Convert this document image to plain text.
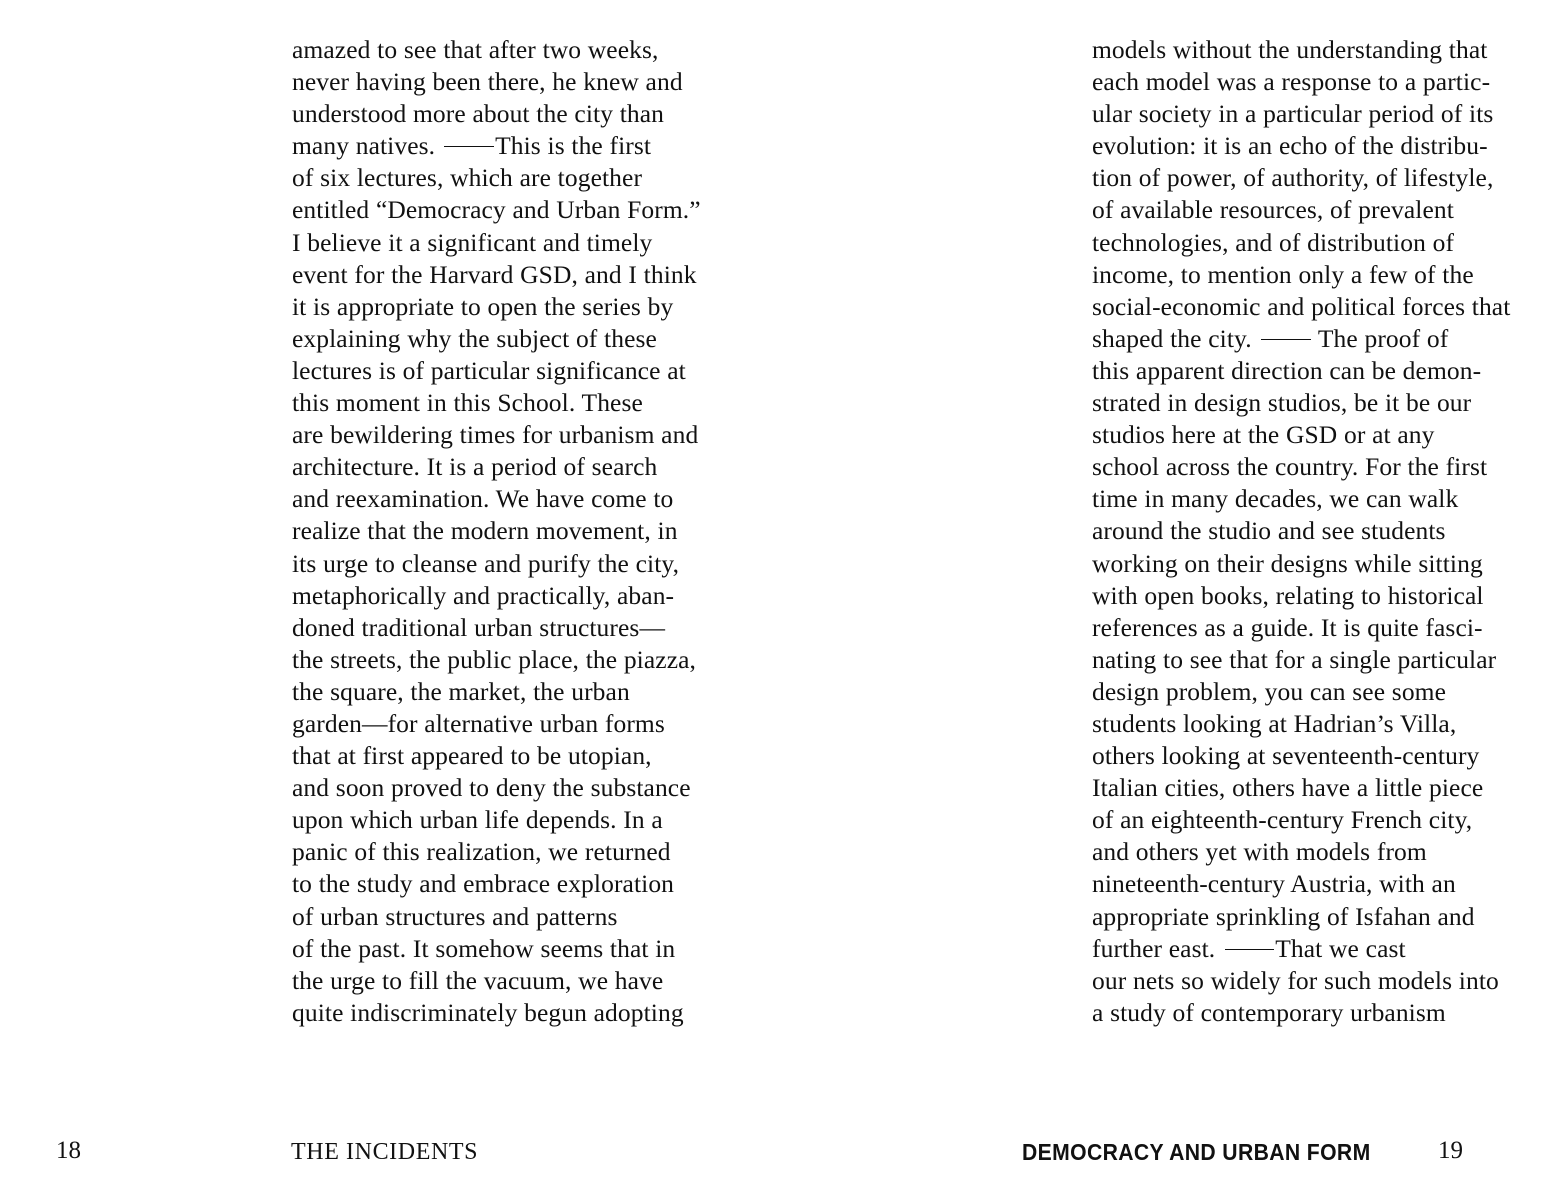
amazed to see that after two weeks,
never having been there, he knew and
understood more about the city than
many natives. This is the first
of six lectures, which are together
entitled “Democracy and Urban Form.”
I believe it a significant and timely
event for the Harvard GSD, and I think
it is appropriate to open the series by
explaining why the subject of these
lectures is of particular significance at
this moment in this School. These
are bewildering times for urbanism and
architecture. It is a period of search
and reexamination. We have come to
realize that the modern movement, in
its urge to cleanse and purify the city,
metaphorically and practically, aban-
doned traditional urban structures—
the streets, the public place, the piazza,
the square, the market, the urban
garden—for alternative urban forms
that at first appeared to be utopian,
and soon proved to deny the substance
upon which urban life depends. In a
panic of this realization, we returned
to the study and embrace exploration
of urban structures and patterns
of the past. It somehow seems that in
the urge to fill the vacuum, we have
quite indiscriminately begun adopting

models without the understanding that
each model was a response to a partic-
ular society in a particular period of its
evolution: it is an echo of the distribu-
tion of power, of authority, of lifestyle,
of available resources, of prevalent
technologies, and of distribution of
income, to mention only a few of the
social-economic and political forces that
shaped the city.  The proof of
this apparent direction can be demon-
strated in design studios, be it be our
studios here at the GSD or at any
school across the country. For the first
time in many decades, we can walk
around the studio and see students
working on their designs while sitting
with open books, relating to historical
references as a guide. It is quite fasci-
nating to see that for a single particular
design problem, you can see some
students looking at Hadrian’s Villa,
others looking at seventeenth-century
Italian cities, others have a little piece
of an eighteenth-century French city,
and others yet with models from
nineteenth-century Austria, with an
appropriate sprinkling of Isfahan and
further east. That we cast
our nets so widely for such models into
a study of contemporary urbanism

18	THE INCIDENTS	DEMOCRACY AND URBAN FORM	19
